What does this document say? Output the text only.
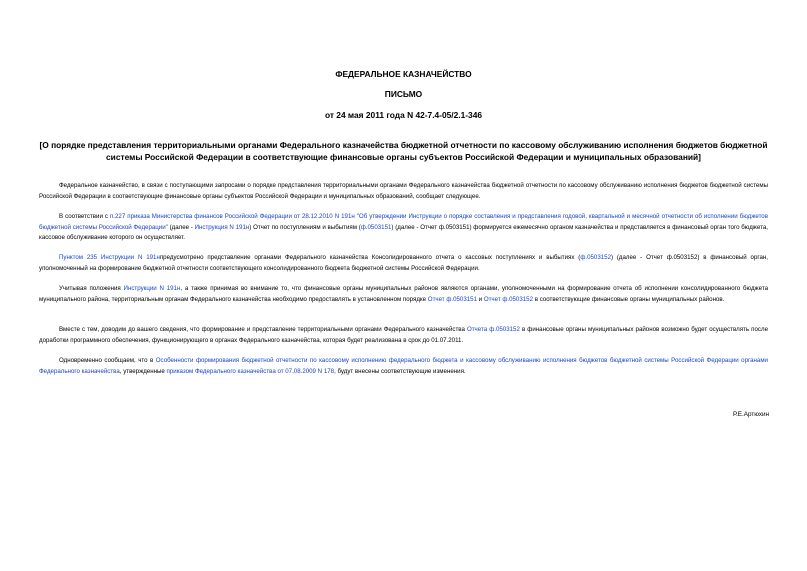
ФЕДЕРАЛЬНОЕ КАЗНАЧЕЙСТВО
ПИСЬМО
от 24 мая 2011 года N 42-7.4-05/2.1-346
[О порядке представления территориальными органами Федерального казначейства бюджетной отчетности по кассовому обслуживанию исполнения бюджетов бюджетной системы Российской Федерации в соответствующие финансовые органы субъектов Российской Федерации и муниципальных образований]

Федеральное казначейство, в связи с поступающими запросами о порядке представления территориальными органами Федерального казначейства бюджетной отчетности по кассовому обслуживанию исполнения бюджетов бюджетной системы Российской Федерации в соответствующие финансовые органы субъектов Российской Федерации и муниципальных образований, сообщает следующее.

В соответствии с п.227 приказа Министерства финансов Российской Федерации от 28.12.2010 N 191н "Об утверждении Инструкции о порядке составления и представления годовой, квартальной и месячной отчетности об исполнении бюджетов бюджетной системы Российской Федерации" (далее - Инструкция N 191н) Отчет по поступлениям и выбытиям (ф.0503151) (далее - Отчет ф.0503151) формируется ежемесячно органом казначейства и представляется в финансовый орган того бюджета, кассовое обслуживание которого он осуществляет.

Пунктом 235 Инструкции N 191нпредусмотрено представление органами Федерального казначейства Консолидированного отчета о кассовых поступлениях и выбытиях (ф.0503152) (далее - Отчет ф.0503152) в финансовый орган, уполномоченный на формирование бюджетной отчетности соответствующего консолидированного бюджета бюджетной системы Российской Федерации.

Учитывая положения Инструкции N 191н, а также принимая во внимание то, что финансовые органы муниципальных районов являются органами, уполномоченными на формирование отчета об исполнении консолидированного бюджета муниципального района, территориальным органам Федерального казначейства необходимо предоставлять в установленном порядке Отчет ф.0503151 и Отчет ф.0503152 в соответствующие финансовые органы муниципальных районов.

Вместе с тем, доводим до вашего сведения, что формирование и представление территориальными органами Федерального казначейства Отчета ф.0503152 в финансовые органы муниципальных районов возможно будет осуществлять после доработки программного обеспечения, функционирующего в органах Федерального казначейства, которая будет реализована в срок до 01.07.2011.

Одновременно сообщаем, что в Особенности формирования бюджетной отчетности по кассовому исполнению федерального бюджета и кассовому обслуживанию исполнения бюджетов бюджетной системы Российской Федерации органами Федерального казначейства, утвержденные приказом Федерального казначейства от 07.08.2009 N 178, будут внесены соответствующие изменения.

Р.Е.Артюхин
